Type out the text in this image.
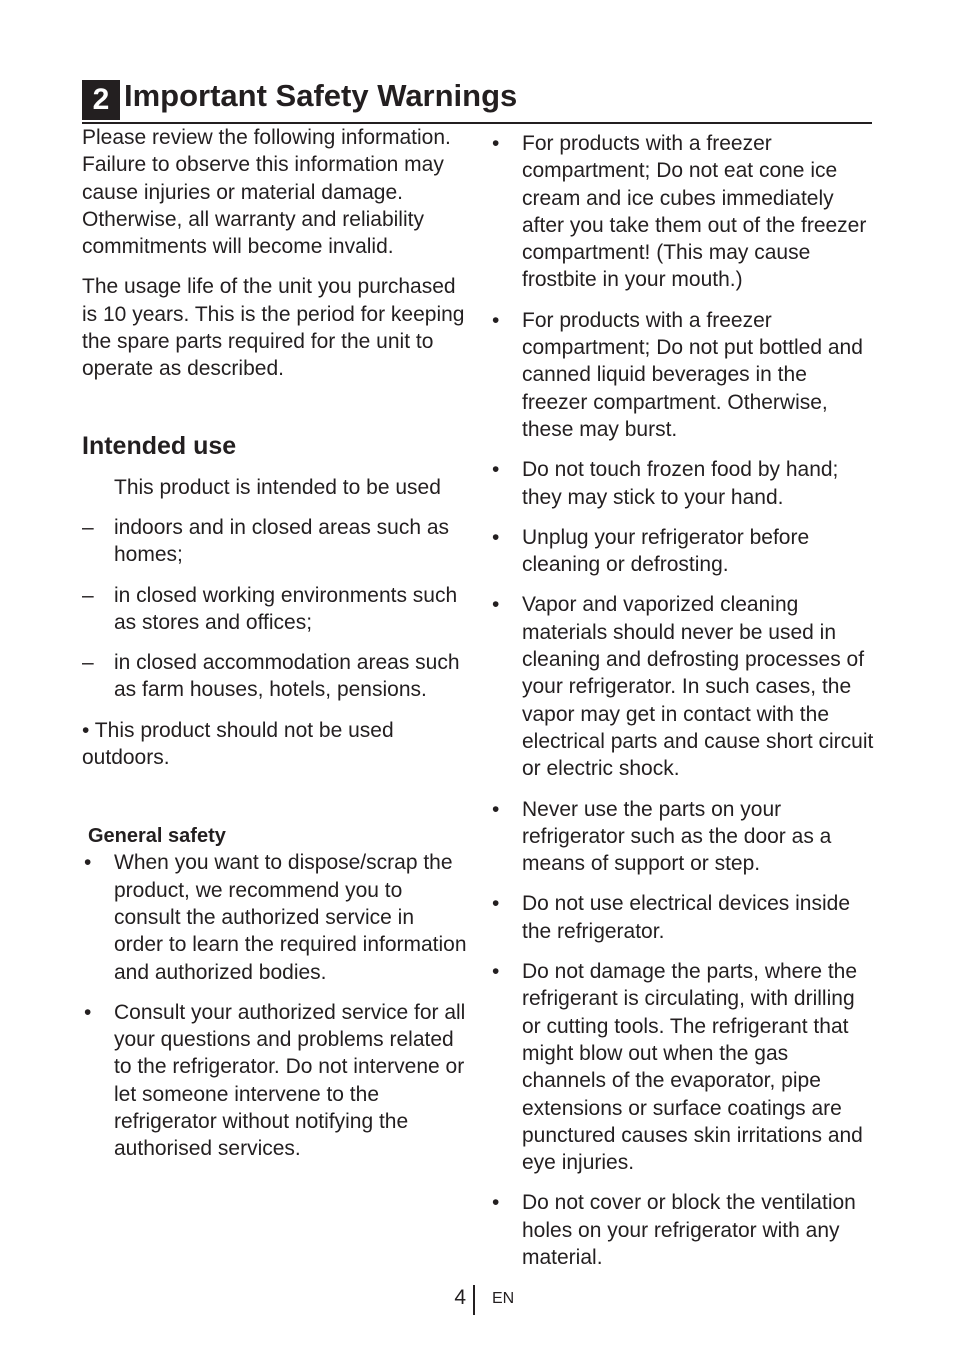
2 Important Safety Warnings

Please review the following information. Failure to observe this information may cause injuries or material damage. Otherwise, all warranty and reliability commitments will become invalid.

The usage life of the unit you purchased is 10 years. This is the period for keeping the spare parts required for the unit to operate as described.

Intended use

This product is intended to be used

– indoors and in closed areas such as homes;
– in closed working environments such as stores and offices;
– in closed accommodation areas such as farm houses, hotels, pensions.

• This product should not be used outdoors.

General safety
•	When you want to dispose/scrap the product, we recommend you to consult the authorized service in order to learn the required information and authorized bodies.
•	Consult your authorized service for all your questions and problems related to the refrigerator. Do not intervene or let someone intervene to the refrigerator without notifying the authorised services.
•	For products with a freezer compartment; Do not eat cone ice cream and ice cubes immediately after you take them out of the freezer compartment! (This may cause frostbite in your mouth.)
•	For products with a freezer compartment; Do not put bottled and canned liquid beverages in the freezer compartment. Otherwise, these may burst.
•	Do not touch frozen food by hand; they may stick to your hand.
•	Unplug your refrigerator before cleaning or defrosting.
•	Vapor and vaporized cleaning materials should never be used in cleaning and defrosting processes of your refrigerator. In such cases, the vapor may get in contact with the electrical parts and cause short circuit or electric shock.
•	Never use the parts on your refrigerator such as the door as a means of support or step.
•	Do not use electrical devices inside the refrigerator.
•	Do not damage the parts, where the refrigerant is circulating, with drilling or cutting tools. The refrigerant that might blow out when the gas channels of the evaporator, pipe extensions or surface coatings are punctured causes skin irritations and eye injuries.
•	Do not cover or block the ventilation holes on your refrigerator with any material.
4 EN
